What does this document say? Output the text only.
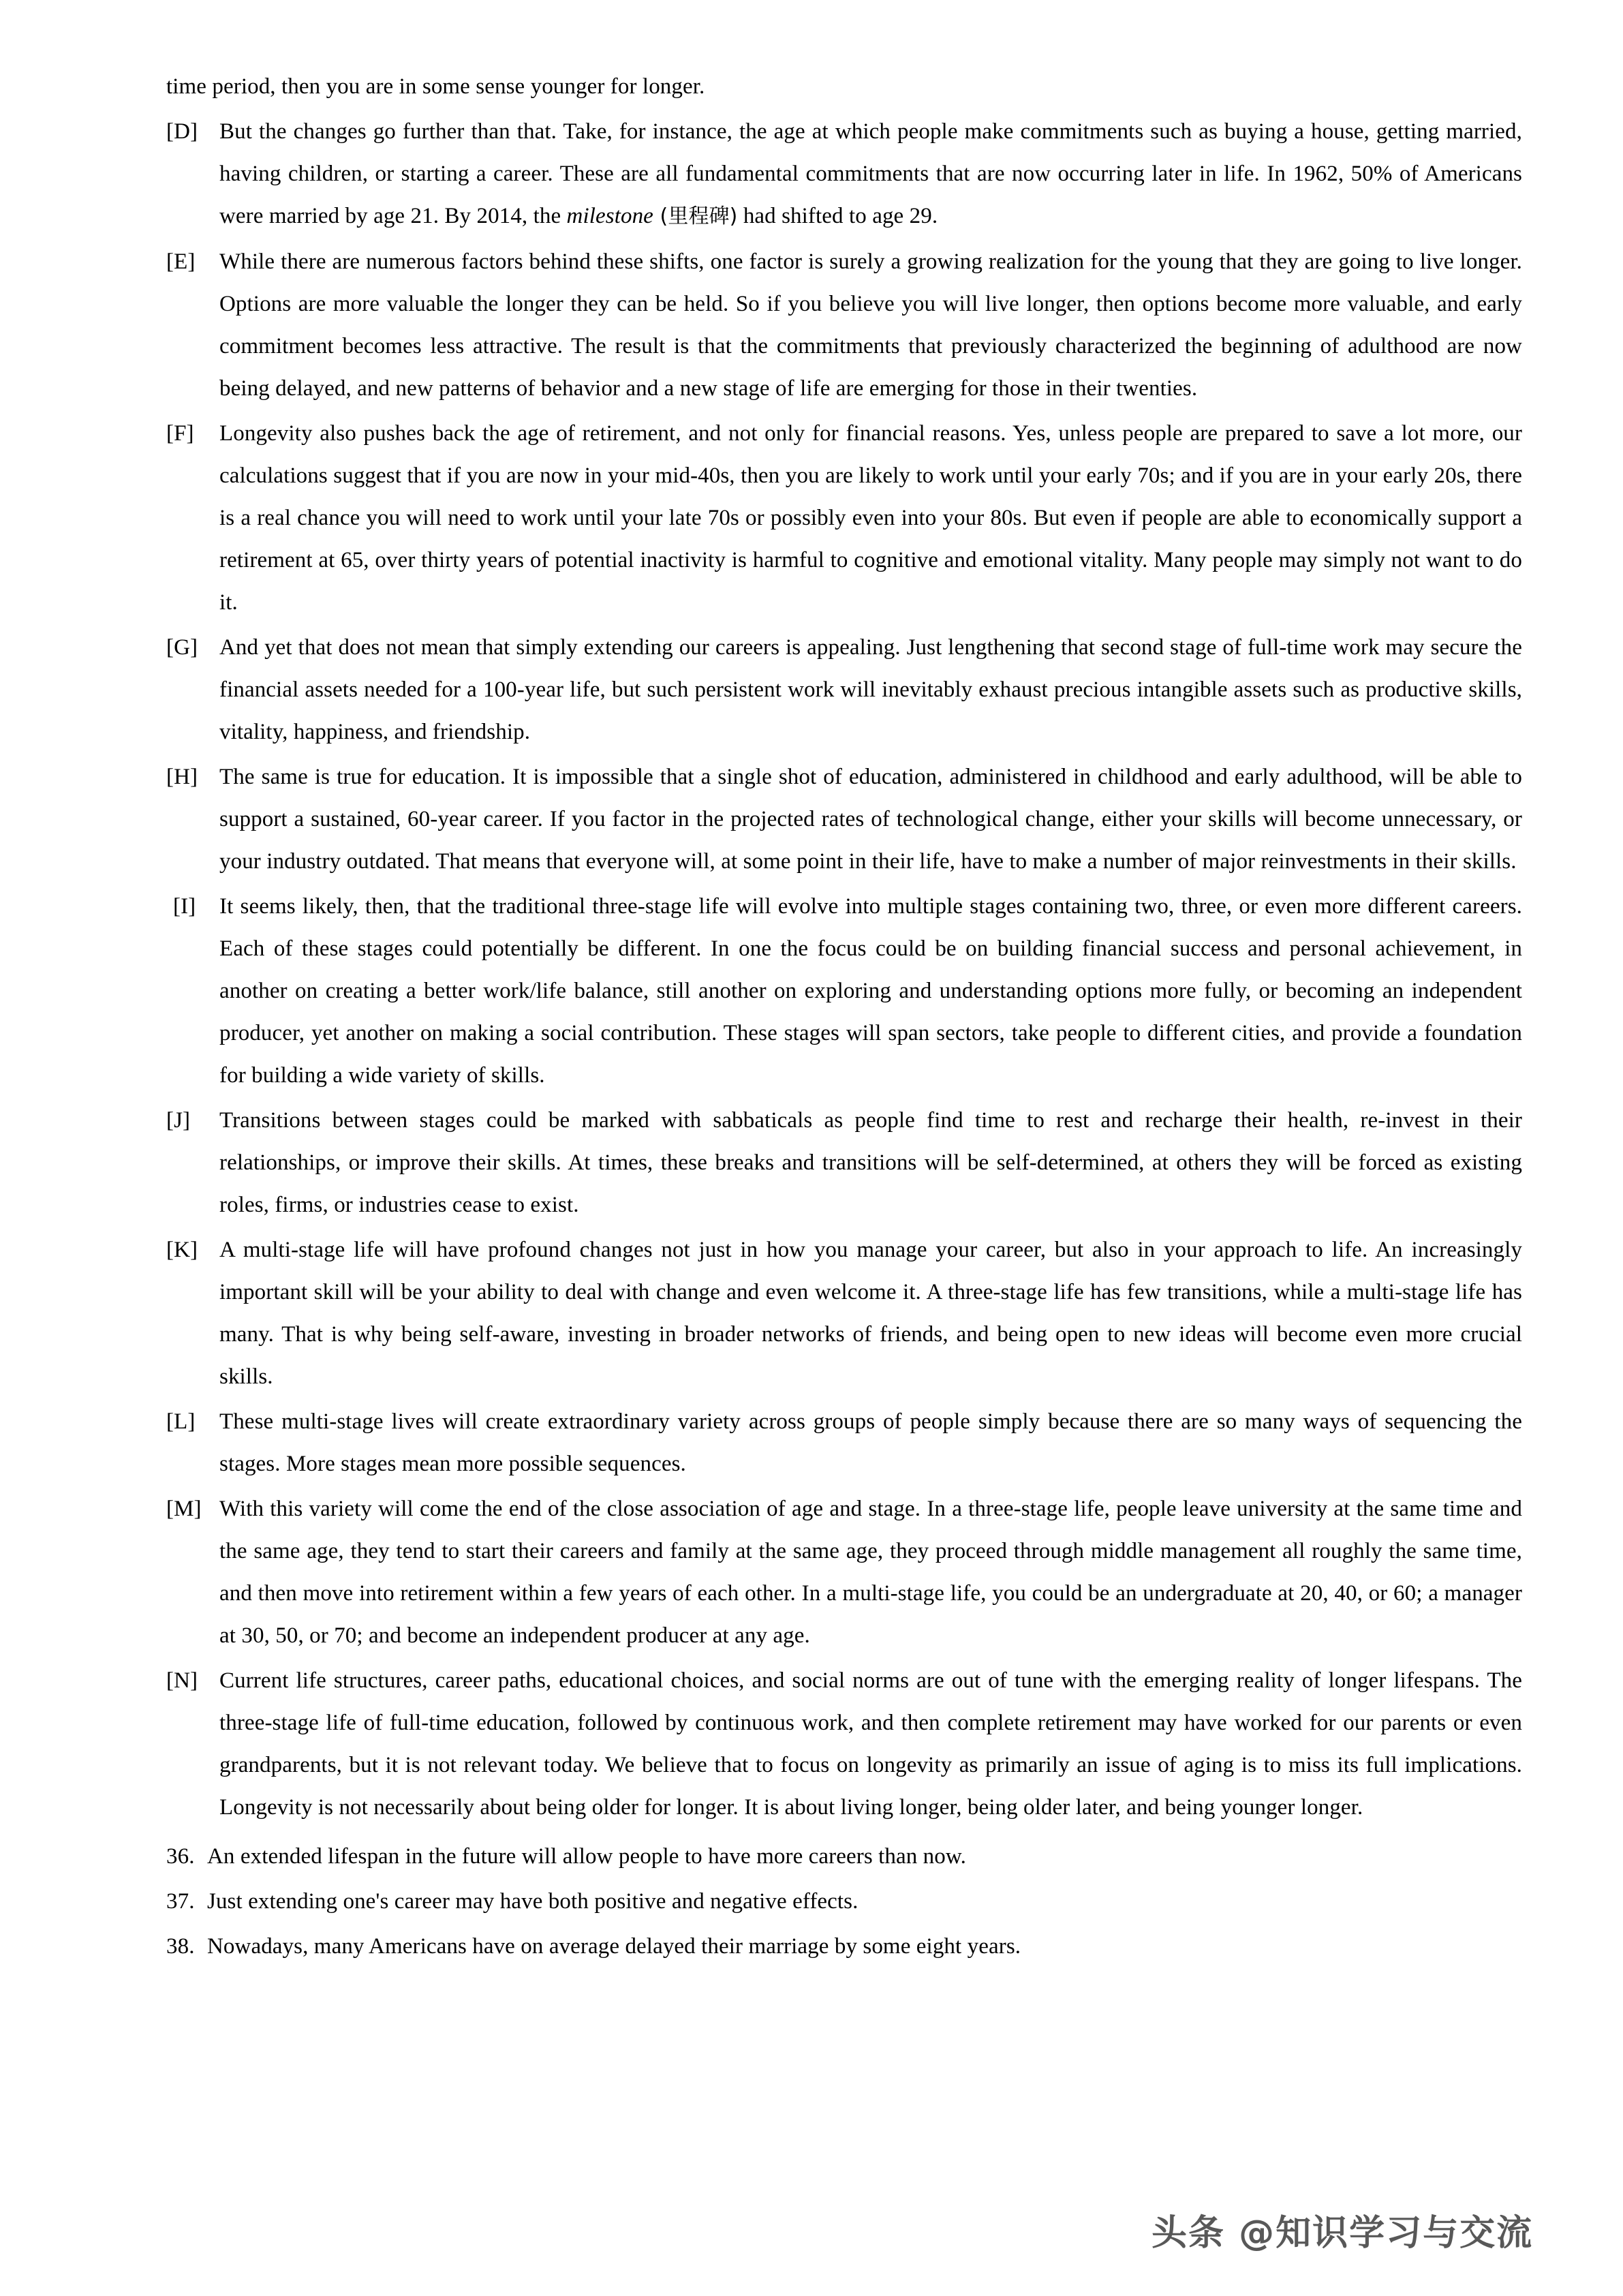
time period, then you are in some sense younger for longer.

[D] But the changes go further than that. Take, for instance, the age at which people make commitments such as buying a house, getting married, having children, or starting a career. These are all fundamental commitments that are now occurring later in life. In 1962, 50% of Americans were married by age 21. By 2014, the milestone (里程碑) had shifted to age 29.

[E]	While there are numerous factors behind these shifts, one factor is surely a growing realization for the young that they are going to live longer. Options are more valuable the longer they can be held. So if you believe you will live longer, then options become more valuable, and early commitment becomes less attractive. The result is that the commitments that previously characterized the beginning of adulthood are now being delayed, and new patterns of behavior and a new stage of life are emerging for those in their twenties.

[F]	Longevity also pushes back the age of retirement, and not only for financial reasons. Yes, unless people are prepared to save a lot more, our calculations suggest that if you are now in your mid-40s, then you are likely to work until your early 70s; and if you are in your early 20s, there is a real chance you will need to work until your late 70s or possibly even into your 80s. But even if people are able to economically support a retirement at 65, over thirty years of potential inactivity is harmful to cognitive and emotional vitality. Many people may simply not want to do it.

[G] And yet that does not mean that simply extending our careers is appealing. Just lengthening that second stage of full-time work may secure the financial assets needed for a 100-year life, but such persistent work will inevitably exhaust precious intangible assets such as productive skills, vitality, happiness, and friendship.

[H] The same is true for education. It is impossible that a single shot of education, administered in childhood and early adulthood, will be able to support a sustained, 60-year career. If you factor in the projected rates of technological change, either your skills will become unnecessary, or your industry outdated. That means that everyone will, at some point in their life, have to make a number of major reinvestments in their skills.

[I]	It seems likely, then, that the traditional three-stage life will evolve into multiple stages containing two, three, or even more different careers. Each of these stages could potentially be different. In one the focus could be on building financial success and personal achievement, in another on creating a better work/life balance, still another on exploring and understanding options more fully, or becoming an independent producer, yet another on making a social contribution. These stages will span sectors, take people to different cities, and provide a foundation for building a wide variety of skills.

[J]	Transitions between stages could be marked with sabbaticals as people find time to rest and recharge their health, re-invest in their relationships, or improve their skills. At times, these breaks and transitions will be self-determined, at others they will be forced as existing roles, firms, or industries cease to exist.

[K] A multi-stage life will have profound changes not just in how you manage your career, but also in your approach to life. An increasingly important skill will be your ability to deal with change and even welcome it. A three-stage life has few transitions, while a multi-stage life has many. That is why being self-aware, investing in broader networks of friends, and being open to new ideas will become even more crucial skills.

[L]	These multi-stage lives will create extraordinary variety across groups of people simply because there are so many ways of sequencing the stages. More stages mean more possible sequences.

[M] With this variety will come the end of the close association of age and stage. In a three-stage life, people leave university at the same time and the same age, they tend to start their careers and family at the same age, they proceed through middle management all roughly the same time, and then move into retirement within a few years of each other. In a multi-stage life, you could be an undergraduate at 20, 40, or 60; a manager at 30, 50, or 70; and become an independent producer at any age.

[N] Current life structures, career paths, educational choices, and social norms are out of tune with the emerging reality of longer lifespans. The three-stage life of full-time education, followed by continuous work, and then complete retirement may have worked for our parents or even grandparents, but it is not relevant today. We believe that to focus on longevity as primarily an issue of aging is to miss its full implications. Longevity is not necessarily about being older for longer. It is about living longer, being older later, and being younger longer.

36. An extended lifespan in the future will allow people to have more careers than now.

37. Just extending one's career may have both positive and negative effects.

38. Nowadays, many Americans have on average delayed their marriage by some eight years.

头条 @知识学习与交流
